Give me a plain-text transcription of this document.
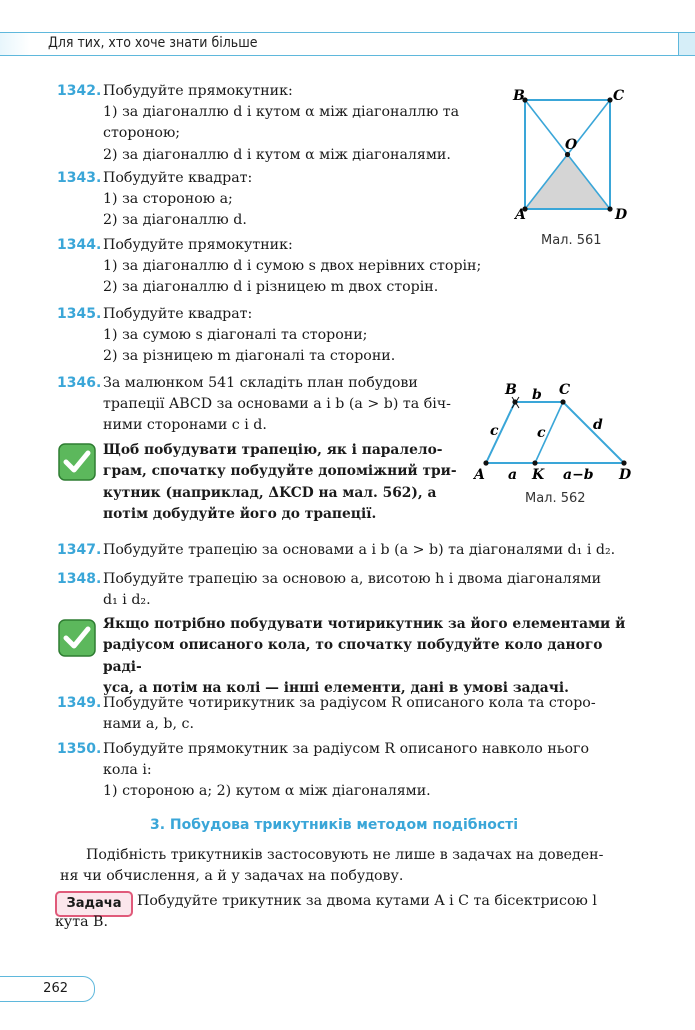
Для тих, хто хоче знати більше
1342. Побудуйте прямокутник:
1) за діагоналлю d і кутом α між діагоналлю та
стороною;
2) за діагоналлю d і кутом α між діагоналями.
1343. Побудуйте квадрат:
1) за стороною a;
2) за діагоналлю d.
1344. Побудуйте прямокутник:
1) за діагоналлю d і сумою s двох нерівних сторін;
2) за діагоналлю d і різницею m двох сторін.
1345. Побудуйте квадрат:
1) за сумою s діагоналі та сторони;
2) за різницею m діагоналі та сторони.
1346. За малюнком 541 складіть план побудови
трапеції ABCD за основами a і b (a > b) та біч-
ними сторонами c і d.
Щоб побудувати трапецію, як і паралело-
грам, спочатку побудуйте допоміжний три-
кутник (наприклад, ΔKCD на мал. 562), а
потім добудуйте його до трапеції.
B	C
A	D
O
Мал. 561
B	C
A	D
K
b
c	c	d
a	a−b
Мал. 562
1347. Побудуйте трапецію за основами a і b (a > b) та діагоналями d₁ і d₂.
1348. Побудуйте трапецію за основою a, висотою h і двома діагоналями
d₁ і d₂.
Якщо потрібно побудувати чотирикутник за його елементами й
радіусом описаного кола, то спочатку побудуйте коло даного раді-
уса, а потім на колі — інші елементи, дані в умові задачі.
1349. Побудуйте чотирикутник за радіусом R описаного кола та сторо-
нами a, b, c.
1350. Побудуйте прямокутник за радіусом R описаного навколо нього
кола і:
1) стороною a; 2) кутом α між діагоналями.
3. Побудова трикутників методом подібності
Подібність трикутників застосовують не лише в задачах на доведен-
ня чи обчислення, а й у задачах на побудову.
Задача	Побудуйте трикутник за двома кутами A і C та бісектрисою l
кута B.
262
